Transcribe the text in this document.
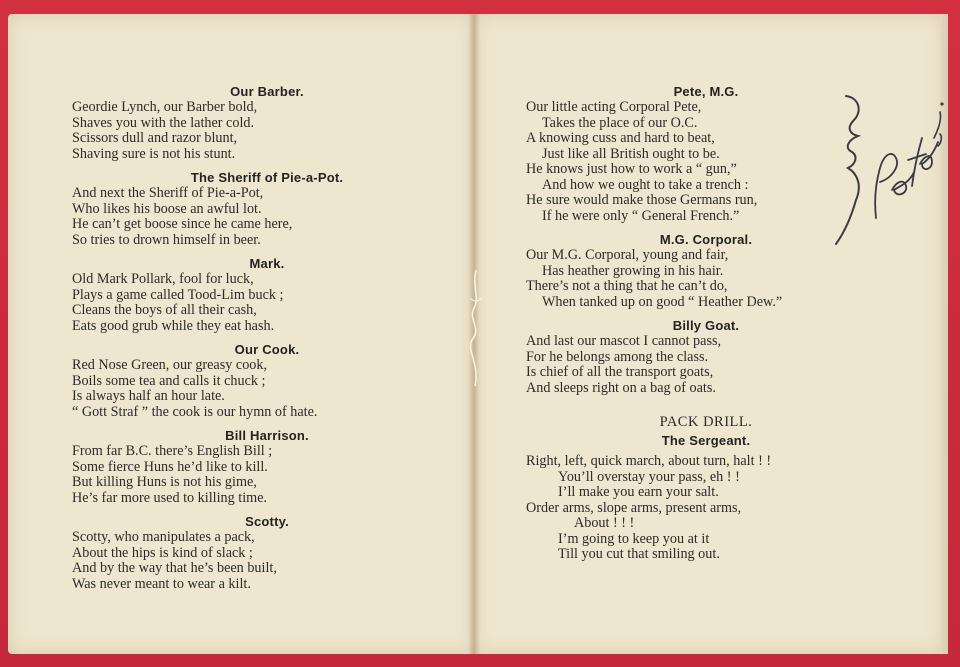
Our Barber.
Geordie Lynch, our Barber bold,
Shaves you with the lather cold.
Scissors dull and razor blunt,
Shaving sure is not his stunt.
The Sheriff of Pie-a-Pot.
And next the Sheriff of Pie-a-Pot,
Who likes his boose an awful lot.
He can’t get boose since he came here,
So tries to drown himself in beer.
Mark.
Old Mark Pollark, fool for luck,
Plays a game called Tood-Lim buck ;
Cleans the boys of all their cash,
Eats good grub while they eat hash.
Our Cook.
Red Nose Green, our greasy cook,
Boils some tea and calls it chuck ;
Is always half an hour late.
“ Gott Straf ” the cook is our hymn of hate.
Bill Harrison.
From far B.C. there’s English Bill ;
Some fierce Huns he’d like to kill.
But killing Huns is not his gime,
He’s far more used to killing time.
Scotty.
Scotty, who manipulates a pack,
About the hips is kind of slack ;
And by the way that he’s been built,
Was never meant to wear a kilt.
Pete, M.G.
Our little acting Corporal Pete,
Takes the place of our O.C.
A knowing cuss and hard to beat,
Just like all British ought to be.
He knows just how to work a “ gun,”
And how we ought to take a trench :
He sure would make those Germans run,
If he were only “ General French.”
M.G. Corporal.
Our M.G. Corporal, young and fair,
Has heather growing in his hair.
There’s not a thing that he can’t do,
When tanked up on good “ Heather Dew.”
Billy Goat.
And last our mascot I cannot pass,
For he belongs among the class.
Is chief of all the transport goats,
And sleeps right on a bag of oats.
PACK DRILL.
The Sergeant.
Right, left, quick march, about turn, halt ! !
You’ll overstay your pass, eh ! !
I’ll make you earn your salt.
Order arms, slope arms, present arms,
About ! ! !
I’m going to keep you at it
Till you cut that smiling out.
